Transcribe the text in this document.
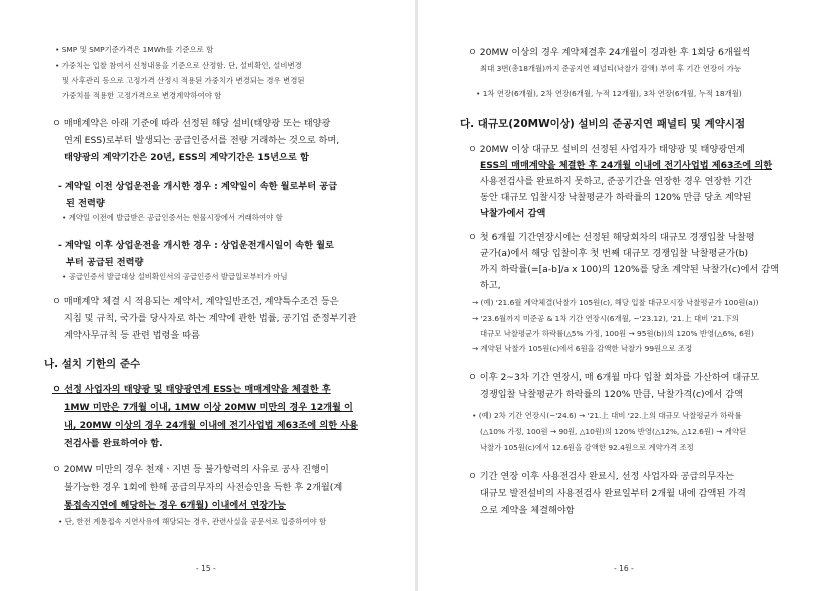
• SMP 및 SMP기준가격은 1MWh를 기준으로 함
• 가중치는 입찰 참여서 신청내용을 기준으로 산정함. 단, 설비확인, 설비변경
및 사후관리 등으로 고정가격 산정시 적용된 가중치가 변경되는 경우 변경된
가중치를 적용한 고정가격으로 변경계약하여야 함
ㅇ 매매계약은 아래 기준에 따라 선정된 해당 설비(태양광 또는 태양광
연계 ESS)로부터 발생되는 공급인증서를 전량 거래하는 것으로 하며,
태양광의 계약기간은 20년, ESS의 계약기간은 15년으로 함
- 계약일 이전 상업운전을 개시한 경우 : 계약일이 속한 월로부터 공급
된 전력량
• 계약일 이전에 발급받은 공급인증서는 현물시장에서 거래하여야 함
- 계약일 이후 상업운전을 개시한 경우 : 상업운전개시일이 속한 월로
부터 공급된 전력량
• 공급인증서 발급대상 설비확인서의 공급인증서 발급일로부터가 아님
ㅇ 매매계약 체결 시 적용되는 계약서, 계약일반조건, 계약특수조건 등은
지침 및 규칙, 국가를 당사자로 하는 계약에 관한 법률, 공기업 준정부기관
계약사무규칙 등 관련 법령을 따름
나. 설치 기한의 준수
ㅇ 선정 사업자의 태양광 및 태양광연계 ESS는 매매계약을 체결한 후
1MW 미만은 7개월 이내, 1MW 이상 20MW 미만의 경우 12개월 이
내, 20MW 이상의 경우 24개월 이내에 전기사업법 제63조에 의한 사용
전검사를 완료하여야 함.
ㅇ 20MW 미만의 경우 천재ㆍ지변 등 불가항력의 사유로 공사 진행이
불가능한 경우 1회에 한해 공급의무자의 사전승인을 득한 후 2개월(계
통접속지연에 해당하는 경우 6개월) 이내에서 연장가능
• 단, 한전 계통접속 지연사유에 해당되는 경우, 관련사실을 공문서로 입증하여야 함
- 15 -
ㅇ 20MW 이상의 경우 계약체결후 24개월이 경과한 후 1회당 6개월씩
최대 3번(총18개월)까지 준공지연 패널티(낙찰가 감액) 부여 후 기간 연장이 가능
• 1차 연장(6개월), 2차 연장(6개월, 누적 12개월), 3차 연장(6개월, 누적 18개월)
다. 대규모(20MW이상) 설비의 준공지연 패널티 및 계약시점
ㅇ 20MW 이상 대규모 설비의 선정된 사업자가 태양광 및 태양광연계
ESS의 매매계약을 체결한 후 24개월 이내에 전기사업법 제63조에 의한
사용전검사를 완료하지 못하고, 준공기간을 연장한 경우 연장한 기간
동안 대규모 입찰시장 낙찰평균가 하락률의 120% 만큼 당초 계약된
낙찰가에서 감액
ㅇ 첫 6개월 기간연장시에는 선정된 해당회차의 대규모 경쟁입찰 낙찰평
균가(a)에서 해당 입찰이후 첫 번째 대규모 경쟁입찰 낙찰평균가(b)
까지 하락률(=[a-b]/a x 100)의 120%를 당초 계약된 낙찰가(c)에서 감액
하고,
→ (예) '21.6월 계약체결(낙찰가 105원(c), 해당 입찰 대규모시장 낙찰평균가 100원(a))
→ '23.6월까지 미준공 & 1차 기간 연장시(6개월, ~'23.12), '21.上 대비 '21.下의
대규모 낙찰평균가 하락률(△5% 가정, 100원 → 95원(b))의 120% 반영(△6%, 6원)
→ 계약된 낙찰가 105원(c)에서 6원을 감액한 낙찰가 99원으로 조정
ㅇ 이후 2~3차 기간 연장시, 매 6개월 마다 입찰 회차를 가산하여 대규모
경쟁입찰 낙찰평균가 하락률의 120% 만큼, 낙찰가격(c)에서 감액
• (예) 2차 기간 연장시(~'24.6) → '21.上 대비 '22.上의 대규모 낙찰평균가 하락률
(△10% 가정, 100원 → 90원, △10원)의 120% 반영(△12%, △12.6원) → 계약된
낙찰가 105원(c)에서 12.6원을 감액한 92.4원으로 계약가격 조정
ㅇ 기간 연장 이후 사용전검사 완료시, 선정 사업자와 공급의무자는
대규모 발전설비의 사용전검사 완료일부터 2개월 내에 감액된 가격
으로 계약을 체결해야함
- 16 -
